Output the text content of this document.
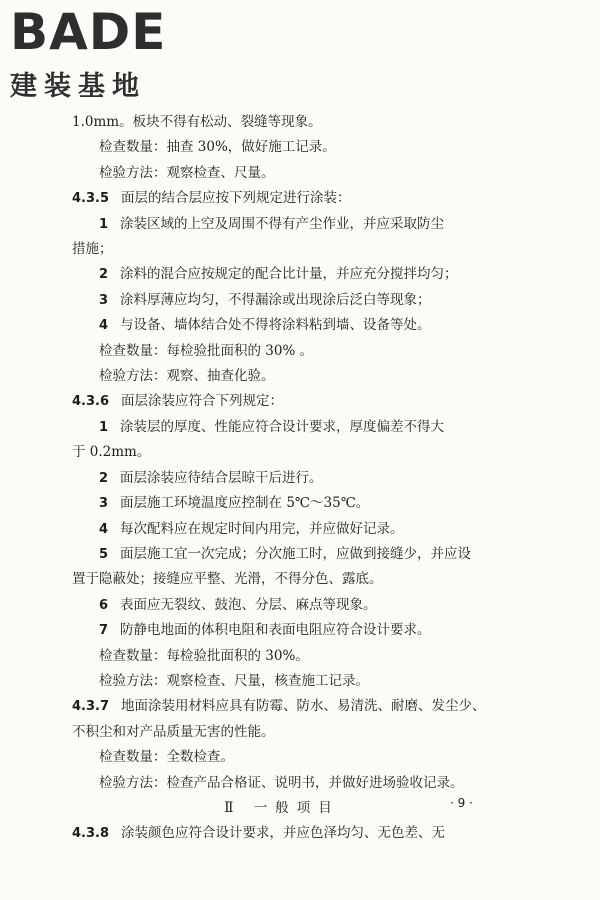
BADE
建装基地
1.0mm。板块不得有松动、裂缝等现象。
检查数量：抽查 30%，做好施工记录。
检验方法：观察检查、尺量。
4.3.5 面层的结合层应按下列规定进行涂装：
1 涂装区域的上空及周围不得有产尘作业，并应采取防尘
措施；
2 涂料的混合应按规定的配合比计量，并应充分搅拌均匀；
3 涂料厚薄应均匀，不得漏涂或出现涂后泛白等现象；
4 与设备、墙体结合处不得将涂料粘到墙、设备等处。
检查数量：每检验批面积的 30% 。
检验方法：观察、抽查化验。
4.3.6 面层涂装应符合下列规定：
1 涂装层的厚度、性能应符合设计要求，厚度偏差不得大
于 0.2mm。
2 面层涂装应待结合层晾干后进行。
3 面层施工环境温度应控制在 5℃～35℃。
4 每次配料应在规定时间内用完，并应做好记录。
5 面层施工宜一次完成；分次施工时，应做到接缝少，并应设
置于隐蔽处；接缝应平整、光滑，不得分色、露底。
6 表面应无裂纹、鼓泡、分层、麻点等现象。
7 防静电地面的体积电阻和表面电阻应符合设计要求。
检查数量：每检验批面积的 30%。
检验方法：观察检查、尺量，核查施工记录。
4.3.7 地面涂装用材料应具有防霉、防水、易清洗、耐磨、发尘少、
不积尘和对产品质量无害的性能。
检查数量：全数检查。
检验方法：检查产品合格证、说明书，并做好进场验收记录。
Ⅱ 一般项目
4.3.8 涂装颜色应符合设计要求，并应色泽均匀、无色差、无
· 9 ·
